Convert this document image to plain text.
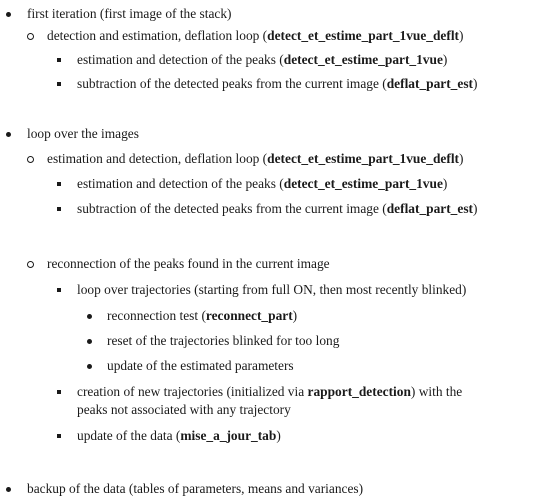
first iteration (first image of the stack)
detection and estimation, deflation loop (detect_et_estime_part_1vue_deflt)
estimation and detection of the peaks (detect_et_estime_part_1vue)
subtraction of the detected peaks from the current image (deflat_part_est)
loop over the images
estimation and detection, deflation loop (detect_et_estime_part_1vue_deflt)
estimation and detection of the peaks (detect_et_estime_part_1vue)
subtraction of the detected peaks from the current image (deflat_part_est)
reconnection of the peaks found in the current image
loop over trajectories (starting from full ON, then most recently blinked)
reconnection test (reconnect_part)
reset of the trajectories blinked for too long
update of the estimated parameters
creation of new trajectories (initialized via rapport_detection) with the
peaks not associated with any trajectory
update of the data (mise_a_jour_tab)
backup of the data (tables of parameters, means and variances)
